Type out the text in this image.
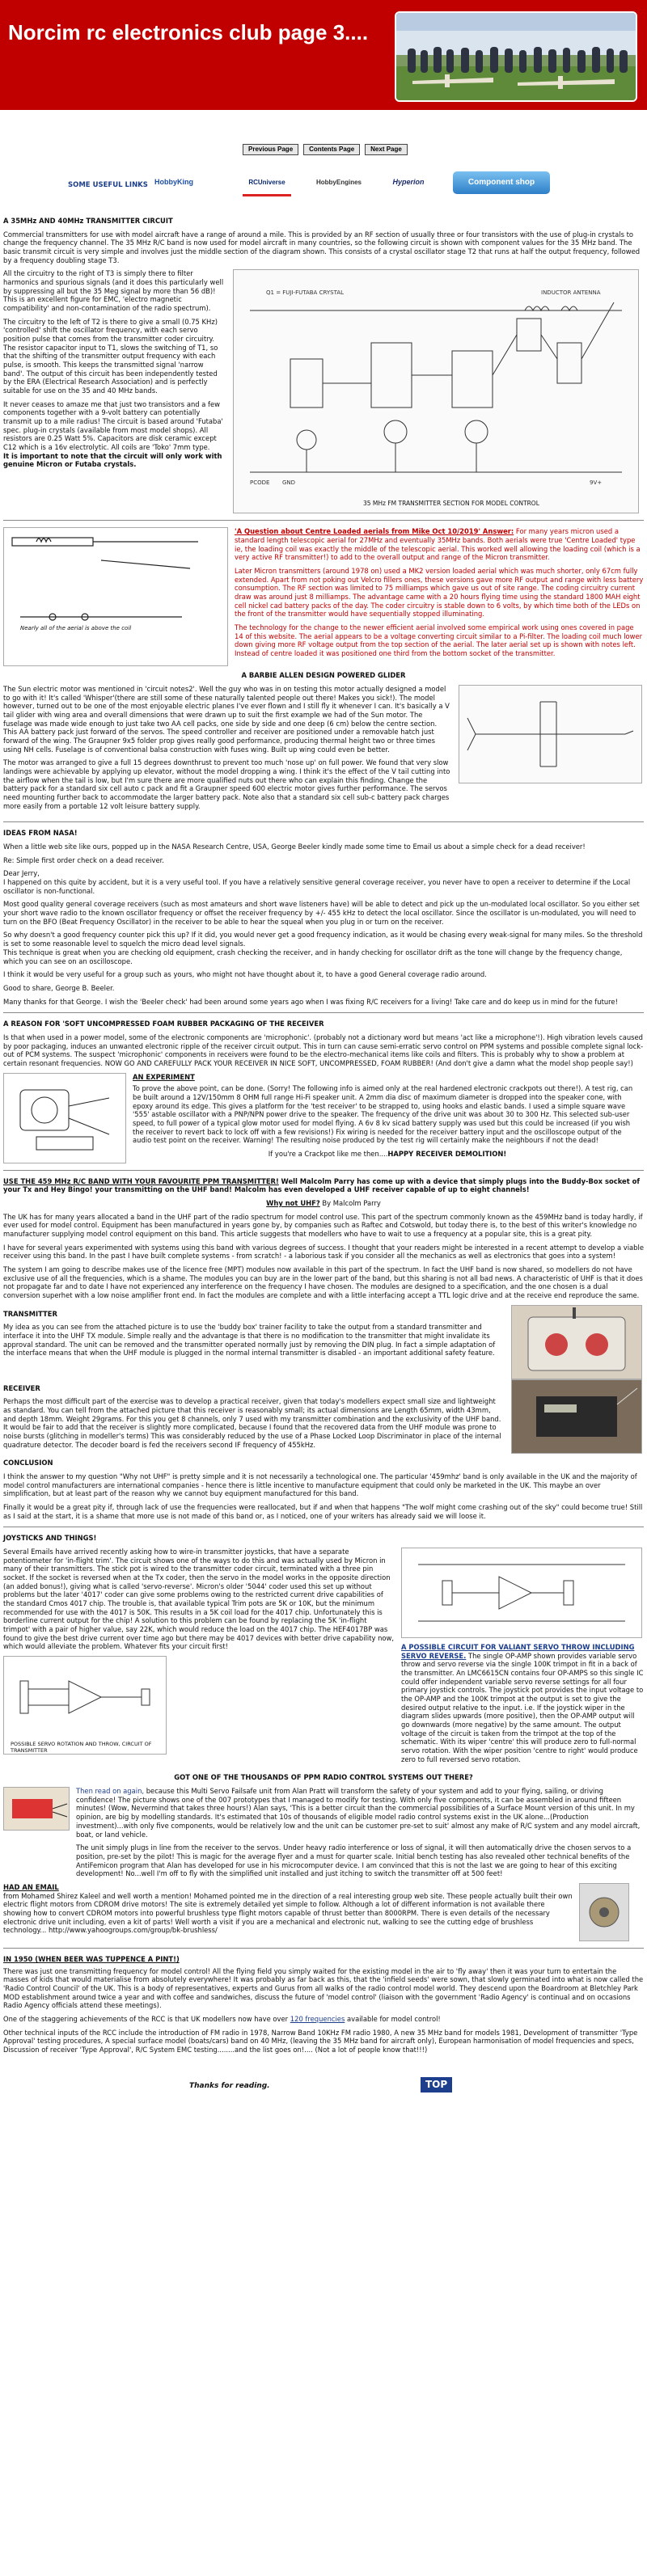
Norcim rc electronics club page 3....
Previous Page	Contents Page	Next Page
SOME USEFUL LINKS HobbyKing	RCUniverse	HobbyEngines	Hyperion	Component shop
A 35MHz AND 40MHz TRANSMITTER CIRCUIT

Commercial transmitters for use with model aircraft have a range of around a mile. This is provided by an RF section of usually three or four transistors with the use of plug-in crystals to change the frequency channel. The 35 MHz R/C band is now used for model aircraft in many countries, so the following circuit is shown with component values for the 35 MHz band. The basic transmit circuit is very simple and involves just the middle section of the diagram shown. This consists of a crystal oscillator stage T2 that runs at half the output frequency, followed by a frequency doubling stage T3.

All the circuitry to the right of T3 is simply there to filter harmonics and spurious signals (and it does this particularly well by suppressing all but the 35 Meg signal by more than 56 dB)! This is an excellent figure for EMC, 'electro magnetic compatibility' and non-contamination of the radio spectrum).

The circuitry to the left of T2 is there to give a small (0.75 KHz) 'controlled' shift the oscillator frequency, with each servo position pulse that comes from the transmitter coder circuitry. The resistor capacitor input to T1, slows the switching of T1, so that the shifting of the transmitter output frequency with each pulse, is smooth. This keeps the transmitted signal 'narrow band'. The output of this circuit has been independently tested by the ERA (Electrical Research Association) and is perfectly suitable for use on the 35 and 40 MHz bands.

It never ceases to amaze me that just two transistors and a few components together with a 9-volt battery can potentially transmit up to a mile radius! The circuit is based around 'Futaba' spec. plug-in crystals (available from most model shops). All resistors are 0.25 Watt 5%. Capacitors are disk ceramic except C12 which is a 16v electrolytic. All coils are 'Toko' 7mm type.

It is important to note that the circuit will only work with genuine Micron or Futaba crystals.

Q1 = FUJI-FUTABA CRYSTAL	INDUCTOR ANTENNA
PCODE GND	9V+
35 MHz FM TRANSMITTER SECTION FOR MODEL CONTROL
Nearly all of the aerial is above the coil

'A Question about Centre Loaded aerials from Mike Oct 10/2019' Answer: For many years micron used a standard length telescopic aerial for 27MHz and eventually 35MHz bands. Both aerials were true 'Centre Loaded' type ie, the loading coil was exactly the middle of the telescopic aerial. This worked well allowing the loading coil (which is a very active RF transmitter!) to add to the overall output and range of the Micron transmitter.

Later Micron transmitters (around 1978 on) used a MK2 version loaded aerial which was much shorter, only 67cm fully extended. Apart from not poking out Velcro fillers ones, these versions gave more RF output and range with less battery consumption. The RF section was limited to 75 milliamps which gave us out of site range. The coding circuitry current draw was around just 8 milliamps. The advantage came with a 20 hours flying time using the standard 1800 MAH eight cell nickel cad battery packs of the day. The coder circuitry is stable down to 6 volts, by which time both of the LEDs on the front of the transmitter would have sequentially stopped illuminating.

The technology for the change to the newer efficient aerial involved some empirical work using ones covered in page 14 of this website. The aerial appears to be a voltage converting circuit similar to a Pi-filter. The loading coil much lower down giving more RF voltage output from the top section of the aerial. The later aerial set up is shown with notes left. Instead of centre loaded it was positioned one third from the bottom socket of the transmitter.

A BARBIE ALLEN DESIGN POWERED GLIDER

The Sun electric motor was mentioned in 'circuit notes2'. Well the guy who was in on testing this motor actually designed a model to go with it! It's called 'Whisper'(there are still some of these naturally talented people out there! Makes you sick!). The model however, turned out to be one of the most enjoyable electric planes I've ever flown and I still fly it whenever I can. It's basically a V tail glider with wing area and overall dimensions that were drawn up to suit the first example we had of the Sun motor. The fuselage was made wide enough to just take two AA cell packs, one side by side and one deep (6 cm) below the centre section. This AA battery pack just forward of the servos. The speed controller and receiver are positioned under a removable hatch just forward of the wing. The Graupner 9x5 folder prop gives really good performance, producing thermal height two or three times using NH cells. Fuselage is of conventional balsa construction with fuses wing. Built up wing could even be better.

The motor was arranged to give a full 15 degrees downthrust to prevent too much 'nose up' on full power. We found that very slow landings were achievable by applying up elevator, without the model dropping a wing. I think it's the effect of the V tail cutting into the airflow when the tail is low, but I'm sure there are more qualified nuts out there who can explain this finding. Change the battery pack for a standard six cell auto c pack and fit a Graupner speed 600 electric motor gives further performance. The servos need mounting further back to accommodate the larger battery pack. Note also that a standard six cell sub-c battery pack charges more easily from a portable 12 volt leisure battery supply.

IDEAS FROM NASA!

When a little web site like ours, popped up in the NASA Research Centre, USA, George Beeler kindly made some time to Email us about a simple check for a dead receiver!

Re: Simple first order check on a dead receiver.

Dear Jerry,

I happened on this quite by accident, but it is a very useful tool. If you have a relatively sensitive general coverage receiver, you never have to open a receiver to determine if the Local oscillator is non-functional.

Most good quality general coverage receivers (such as most amateurs and short wave listeners have) will be able to detect and pick up the un-modulated local oscillator. So you either set your short wave radio to the known oscillator frequency or offset the receiver frequency by +/- 455 kHz to detect the local oscillator. Since the oscillator is un-modulated, you will need to turn on the BFO (Beat Frequency Oscillator) in the receiver to be able to hear the squeal when you plug in or turn on the receiver.

So why doesn't a good frequency counter pick this up? If it did, you would never get a good frequency indication, as it would be chasing every weak-signal for many miles. So the threshold is set to some reasonable level to squelch the micro dead level signals.

This technique is great when you are checking old equipment, crash checking the receiver, and in handy checking for oscillator drift as the tone will change by the frequency change, which you can see on an oscilloscope.

I think it would be very useful for a group such as yours, who might not have thought about it, to have a good General coverage radio around.

Good to share, George B. Beeler.

Many thanks for that George. I wish the 'Beeler check' had been around some years ago when I was fixing R/C receivers for a living! Take care and do keep us in mind for the future!

A REASON FOR 'SOFT UNCOMPRESSED FOAM RUBBER PACKAGING OF THE RECEIVER

Is that when used in a power model, some of the electronic components are 'microphonic'. (probably not a dictionary word but means 'act like a microphone'!). High vibration levels caused by poor packaging, induces an unwanted electronic ripple of the receiver circuit output. This in turn can cause semi-erratic servo control on PPM systems and possible complete signal lock-out of PCM systems. The suspect 'microphonic' components in receivers were found to be the electro-mechanical items like coils and filters. This is probably why to show a problem at certain resonant frequencies. NOW GO AND CAREFULLY PACK YOUR RECEIVER IN NICE SOFT, UNCOMPRESSED, FOAM RUBBER! (And don't give a damn what the model shop people say!)

AN EXPERIMENT

To prove the above point, can be done. (Sorry! The following info is aimed only at the real hardened electronic crackpots out there!). A test rig, can be built around a 12V/150mm 8 OHM full range Hi-Fi speaker unit. A 2mm dia disc of maximum diameter is dropped into the speaker cone, with epoxy around its edge. This gives a platform for the 'test receiver' to be strapped to, using hooks and elastic bands. I used a simple square wave '555' astable oscillator with a PNP/NPN power drive to the speaker. The frequency of the drive unit was about 30 to 300 Hz. This selected sub-user speed, to full power of a typical glow motor used for model flying. A 6v 8 kv sicad battery supply was used but this could be increased (if you wish the receiver to revert back to lock off with a few revisions!) Fix wiring is needed for the receiver battery input and the oscilloscope output of the audio test point on the receiver. Warning! The resulting noise produced by the test rig will certainly make the neighbours if not the dead!

If you're a Crackpot like me then....HAPPY RECEIVER DEMOLITION!

USE THE 459 MHz R/C BAND WITH YOUR FAVOURITE PPM TRANSMITTER! Well Malcolm Parry has come up with a device that simply plugs into the Buddy-Box socket of your Tx and Hey Bingo! your transmitting on the UHF band! Malcolm has even developed a UHF receiver capable of up to eight channels!

Why not UHF? By Malcolm Parry

The UK has for many years allocated a band in the UHF part of the radio spectrum for model control use. This part of the spectrum commonly known as the 459MHz band is today hardly, if ever used for model control. Equipment has been manufactured in years gone by, by companies such as Raftec and Cotswold, but today there is, to the best of this writer's knowledge no manufacturer supplying model control equipment on this band. This article suggests that modellers who have to wait to use a frequency at a popular site, this is a great pity.

I have for several years experimented with systems using this band with various degrees of success. I thought that your readers might be interested in a recent attempt to develop a viable receiver using this band. In the past I have built complete systems - from scratch! - a laborious task if you consider all the mechanics as well as electronics that goes into a system!

The system I am going to describe makes use of the licence free (MPT) modules now available in this part of the spectrum. In fact the UHF band is now shared, so modellers do not have exclusive use of all the frequencies, which is a shame. The modules you can buy are in the lower part of the band, but this sharing is not all bad news. A characteristic of UHF is that it does not propagate far and to date I have not experienced any interference on the frequency I have chosen. The modules are designed to a specification, and the one chosen is a dual conversion superhet with a low noise amplifier front end. In fact the modules are complete and with a little interfacing accept a TTL logic drive and at the receive end reproduce the same.

TRANSMITTER

My idea as you can see from the attached picture is to use the 'buddy box' trainer facility to take the output from a standard transmitter and interface it into the UHF TX module. Simple really and the advantage is that there is no modification to the transmitter that might invalidate its approval standard. The unit can be removed and the transmitter operated normally just by removing the DIN plug. In fact a simple adaptation of the interface means that when the UHF module is plugged in the normal internal transmitter is disabled - an important additional safety feature.

RECEIVER

Perhaps the most difficult part of the exercise was to develop a practical receiver, given that today's modellers expect small size and lightweight as standard. You can tell from the attached picture that this receiver is reasonably small; its actual dimensions are Length 65mm, width 43mm, and depth 18mm. Weight 29grams. For this you get 8 channels, only 7 used with my transmitter combination and the exclusivity of the UHF band. It would be fair to add that the receiver is slightly more complicated, because I found that the recovered data from the UHF module was prone to noise bursts (glitching in modeller's terms) This was considerably reduced by the use of a Phase Locked Loop Discriminator in place of the internal quadrature detector. The decoder board is fed the receivers second IF frequency of 455kHz.

CONCLUSION

I think the answer to my question "Why not UHF" is pretty simple and it is not necessarily a technological one. The particular '459mhz' band is only available in the UK and the majority of model control manufacturers are international companies - hence there is little incentive to manufacture equipment that could only be marketed in the UK. This maybe an over simplification, but at least part of the reason why we cannot buy equipment manufactured for this band.

Finally it would be a great pity if, through lack of use the frequencies were reallocated, but if and when that happens "The wolf might come crashing out of the sky" could become true! Still as I said at the start, it is a shame that more use is not made of this band or, as I noticed, one of your writers has already said we will loose it.

JOYSTICKS AND THINGS!

Several Emails have arrived recently asking how to wire-in transmitter joysticks, that have a separate potentiometer for 'in-flight trim'. The circuit shows one of the ways to do this and was actually used by Micron in many of their transmitters. The stick pot is wired to the transmitter coder circuit, terminated with a three pin socket. If the socket is reversed when at the Tx coder, then the servo in the model works in the opposite direction (an added bonus!), giving what is called 'servo-reverse'. Micron's older '5044' coder used this set up without problems but the later '4017' coder can give some problems owing to the restricted current drive capabilities of the standard Cmos 4017 chip. The trouble is, that available typical Trim pots are 5K or 10K, but the minimum recommended for use with the 4017 is 50K. This results in a 5K coil load for the 4017 chip. Unfortunately this is borderline current output for the chip! A solution to this problem can be found by replacing the 5K 'in-flight trimpot' with a pair of higher value, say 22K, which would reduce the load on the 4017 chip. The HEF4017BP was found to give the best drive current over time ago but there may be 4017 devices with better drive capability now, which would alleviate the problem. Whatever fits your circuit first!

POSSIBLE SERVO ROTATION AND THROW, CIRCUIT OF TRANSMITTER

A POSSIBLE CIRCUIT FOR VALIANT SERVO THROW INCLUDING SERVO REVERSE. The single OP-AMP shown provides variable servo throw and servo reverse via the single 100K trimpot in fit in a back of the transmitter. An LMC6615CN contains four OP-AMPS so this single IC could offer independent variable servo reverse settings for all four primary joystick controls. The joystick pot provides the input voltage to the OP-AMP and the 100K trimpot at the output is set to give the desired output relative to the input. i.e. If the joystick wiper in the diagram slides upwards (more positive), then the OP-AMP output will go downwards (more negative) by the same amount. The output voltage of the circuit is taken from the trimpot at the top of the schematic. With its wiper 'centre' this will produce zero to full-normal servo rotation. With the wiper position 'centre to right' would produce zero to full reversed servo rotation.

GOT ONE OF THE THOUSANDS OF PPM RADIO CONTROL SYSTEMS OUT THERE?

Then read on again, because this Multi Servo Failsafe unit from Alan Pratt will transform the safety of your system and add to your flying, sailing, or driving confidence! The picture shows one of the 007 prototypes that I managed to modify for testing. With only five components, it can be assembled in around fifteen minutes! (Wow, Nevermind that takes three hours!) Alan says, 'This is a better circuit than the commercial possibilities of a Surface Mount version of this unit. In my opinion, are big by modelling standards. It's estimated that 10s of thousands of eligible model radio control systems exist in the UK alone...(Production investment)...with only five components, would be relatively low and the unit can be customer pre-set to suit' almost any make of R/C system and any model aircraft, boat, or land vehicle.

The unit simply plugs in line from the receiver to the servos. Under heavy radio interference or loss of signal, it will then automatically drive the chosen servos to a position, pre-set by the pilot! This is magic for the average flyer and a must for quarter scale. Initial bench testing has also revealed other technical benefits of the AntiFemicon program that Alan has developed for use in his microcomputer device. I am convinced that this is not the last we are going to hear of this exciting development! No...well I'm off to fly with the simplified unit installed and just itching to switch the transmitter off at 500 feet!

HAD AN EMAIL

from Mohamed Shirez Kaleel and well worth a mention! Mohamed pointed me in the direction of a real interesting group web site. These people actually built their own electric flight motors from CDROM drive motors! The site is extremely detailed yet simple to follow. Although a lot of different information is not available there showing how to convert CDROM motors into powerful brushless type flight motors capable of thrust better than 8000RPM. There is even details of the necessary electronic drive unit including, even a kit of parts! Well worth a visit if you are a mechanical and electronic nut, walking to see the cutting edge of brushless technology... http://www.yahoogroups.com/group/bk-brushless/

IN 1950 (WHEN BEER WAS TUPPENCE A PINT!)

There was just one transmitting frequency for model control! All the flying field you simply waited for the existing model in the air to 'fly away' then it was your turn to entertain the masses of kids that would materialise from absolutely everywhere! It was probably as far back as this, that the 'infield seeds' were sown, that slowly germinated into what is now called the 'Radio Control Council' of the UK. This is a body of representatives, experts and Gurus from all walks of the radio control model world. They descend upon the Boardroom at Bletchley Park MOD establishment around twice a year and with coffee and sandwiches, discuss the future of 'model control' (liaison with the government 'Radio Agency' is continual and on occasions Radio Agency officials attend these meetings).

One of the staggering achievements of the RCC is that UK modellers now have over 120 frequencies available for model control!

Other technical inputs of the RCC include the introduction of FM radio in 1978, Narrow Band 10KHz FM radio 1980, A new 35 MHz band for models 1981, Development of transmitter 'Type Approval' testing procedures, A special surface model (boats/cars) band on 40 MHz, (leaving the 35 MHz band for aircraft only), European harmonisation of model frequencies and specs, Discussion of receiver 'Type Approval', R/C System EMC testing........and the list goes on!.... (Not a lot of people know that!!!)

Thanks for reading.	TOP
